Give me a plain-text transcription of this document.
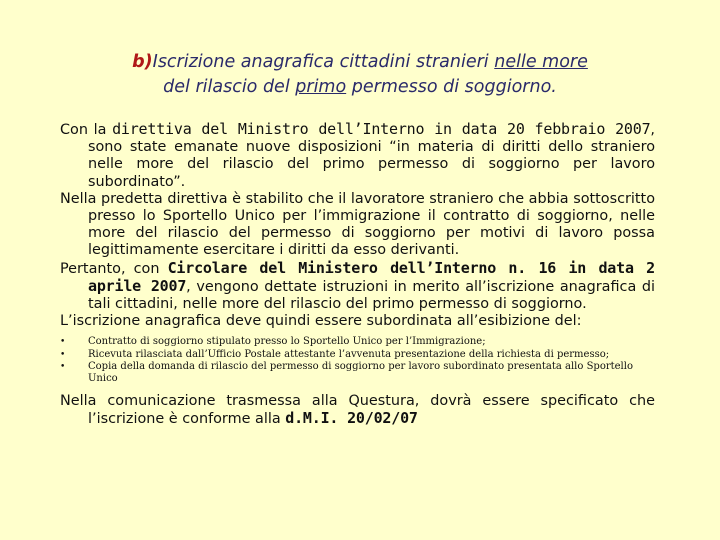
b)Iscrizione anagrafica cittadini stranieri nelle more
del rilascio del primo permesso di soggiorno.

Con la direttiva del Ministro dell’Interno in data 20 febbraio 2007, sono state emanate nuove disposizioni “in materia di diritti dello straniero nelle more del rilascio del primo permesso di soggiorno per lavoro subordinato”.

Nella predetta direttiva è stabilito che il lavoratore straniero che abbia sottoscritto presso lo Sportello Unico per l’immigrazione il contratto di soggiorno, nelle more del rilascio del permesso di soggiorno per motivi di lavoro possa legittimamente esercitare i diritti da esso derivanti.

Pertanto, con Circolare del Ministero dell’Interno n. 16 in data 2 aprile 2007, vengono dettate istruzioni in merito all’iscrizione anagrafica di tali cittadini, nelle more del rilascio del primo permesso di soggiorno.

L’iscrizione anagrafica deve quindi essere subordinata all’esibizione del:

• Contratto di soggiorno stipulato presso lo Sportello Unico per l’Immigrazione;
• Ricevuta rilasciata dall’Ufficio Postale attestante l’avvenuta presentazione della richiesta di permesso;
• Copia della domanda di rilascio del permesso di soggiorno per lavoro subordinato presentata allo Sportello Unico

Nella comunicazione trasmessa alla Questura, dovrà essere specificato che l’iscrizione è conforme alla d.M.I. 20/02/07
